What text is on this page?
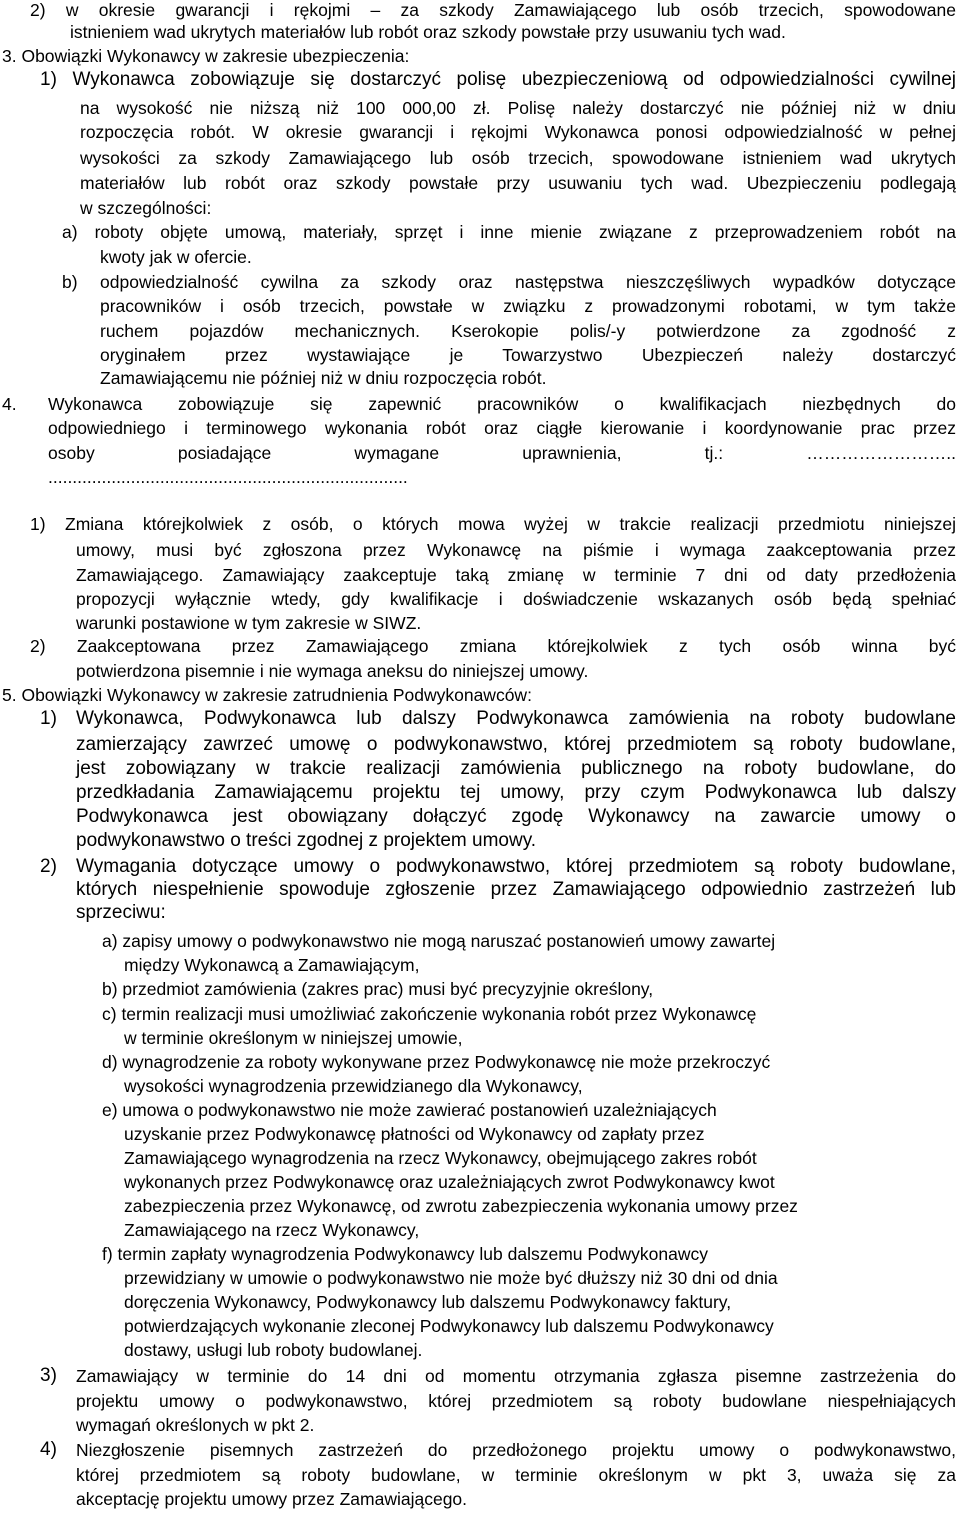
2) w okresie gwarancji i rękojmi – za szkody Zamawiającego lub osób trzecich, spowodowane

istnieniem wad ukrytych materiałów lub robót oraz szkody powstałe przy usuwaniu tych wad.

3. Obowiązki Wykonawcy w zakresie ubezpieczenia:

1) Wykonawca zobowiązuje się dostarczyć polisę ubezpieczeniową od odpowiedzialności cywilnej

na wysokość nie niższą niż 100 000,00 zł. Polisę należy dostarczyć nie później niż w dniu

rozpoczęcia robót. W okresie gwarancji i rękojmi Wykonawca ponosi odpowiedzialność w pełnej

wysokości za szkody Zamawiającego lub osób trzecich, spowodowane istnieniem wad ukrytych

materiałów lub robót oraz szkody powstałe przy usuwaniu tych wad. Ubezpieczeniu podlegają

w szczególności:

a) roboty objęte umową, materiały, sprzęt i inne mienie związane z przeprowadzeniem robót na

kwoty jak w ofercie.

b) odpowiedzialność cywilna za szkody oraz następstwa nieszczęśliwych wypadków dotyczące

pracowników i osób trzecich, powstałe w związku z prowadzonymi robotami, w tym także

ruchem pojazdów mechanicznych. Kserokopie polis/-y potwierdzone za zgodność z

oryginałem przez wystawiające je Towarzystwo Ubezpieczeń należy dostarczyć

Zamawiającemu nie później niż w dniu rozpoczęcia robót.

4. Wykonawca zobowiązuje się zapewnić pracowników o kwalifikacjach niezbędnych do

odpowiedniego i terminowego wykonania robót oraz ciągłe kierowanie i koordynowanie prac przez

osoby posiadające wymagane uprawnienia, tj.: ……………………..

..........................................................................

1) Zmiana którejkolwiek z osób, o których mowa wyżej w trakcie realizacji przedmiotu niniejszej

umowy, musi być zgłoszona przez Wykonawcę na piśmie i wymaga zaakceptowania przez

Zamawiającego. Zamawiający zaakceptuje taką zmianę w terminie 7 dni od daty przedłożenia

propozycji wyłącznie wtedy, gdy kwalifikacje i doświadczenie wskazanych osób będą spełniać

warunki postawione w tym zakresie w SIWZ.

2) Zaakceptowana przez Zamawiającego zmiana którejkolwiek z tych osób winna być

potwierdzona pisemnie i nie wymaga aneksu do niniejszej umowy.

5. Obowiązki Wykonawcy w zakresie zatrudnienia Podwykonawców:

1) Wykonawca, Podwykonawca lub dalszy Podwykonawca zamówienia na roboty budowlane

zamierzający zawrzeć umowę o podwykonawstwo, której przedmiotem są roboty budowlane,

jest zobowiązany w trakcie realizacji zamówienia publicznego na roboty budowlane, do

przedkładania Zamawiającemu projektu tej umowy, przy czym Podwykonawca lub dalszy

Podwykonawca jest obowiązany dołączyć zgodę Wykonawcy na zawarcie umowy o

podwykonawstwo o treści zgodnej z projektem umowy.

2) Wymagania dotyczące umowy o podwykonawstwo, której przedmiotem są roboty budowlane,

których niespełnienie spowoduje zgłoszenie przez Zamawiającego odpowiednio zastrzeżeń lub

sprzeciwu:

a) zapisy umowy o podwykonawstwo nie mogą naruszać postanowień umowy zawartej

między Wykonawcą a Zamawiającym,

b) przedmiot zamówienia (zakres prac) musi być precyzyjnie określony,

c) termin realizacji musi umożliwiać zakończenie wykonania robót przez Wykonawcę

w terminie określonym w niniejszej umowie,

d) wynagrodzenie za roboty wykonywane przez Podwykonawcę nie może przekroczyć

wysokości wynagrodzenia przewidzianego dla Wykonawcy,

e) umowa o podwykonawstwo nie może zawierać postanowień uzależniających

uzyskanie przez Podwykonawcę płatności od Wykonawcy od zapłaty przez

Zamawiającego wynagrodzenia na rzecz Wykonawcy, obejmującego zakres robót

wykonanych przez Podwykonawcę oraz uzależniających zwrot Podwykonawcy kwot

zabezpieczenia przez Wykonawcę, od zwrotu zabezpieczenia wykonania umowy przez

Zamawiającego na rzecz Wykonawcy,

f) termin zapłaty wynagrodzenia Podwykonawcy lub dalszemu Podwykonawcy

przewidziany w umowie o podwykonawstwo nie może być dłuższy niż 30 dni od dnia

doręczenia Wykonawcy, Podwykonawcy lub dalszemu Podwykonawcy faktury,

potwierdzających wykonanie zleconej Podwykonawcy lub dalszemu Podwykonawcy

dostawy, usługi lub roboty budowlanej.

3) Zamawiający w terminie do 14 dni od momentu otrzymania zgłasza pisemne zastrzeżenia do

projektu umowy o podwykonawstwo, której przedmiotem są roboty budowlane niespełniających

wymagań określonych w pkt 2.

4) Niezgłoszenie pisemnych zastrzeżeń do przedłożonego projektu umowy o podwykonawstwo,

której przedmiotem są roboty budowlane, w terminie określonym w pkt 3, uważa się za

akceptację projektu umowy przez Zamawiającego.
